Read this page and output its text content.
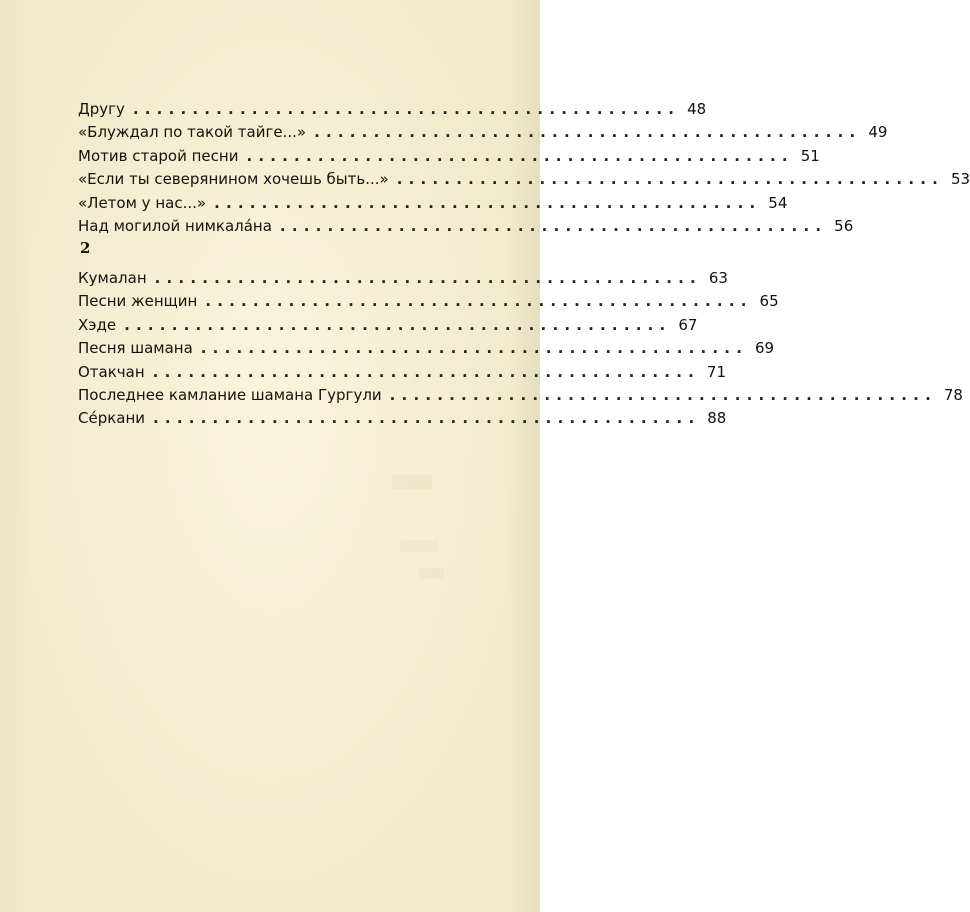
Другу .............................................. 48
«Блуждал по такой тайге...» .............................................. 49
Мотив старой песни .............................................. 51
«Если ты северянином хочешь быть...» .............................................. 53
«Летом у нас...» .............................................. 54
Над могилой нимкала́на .............................................. 56
2
Кумалан .............................................. 63
Песни женщин .............................................. 65
Хэде .............................................. 67
Песня шамана .............................................. 69
Отакчан .............................................. 71
Последнее камлание шамана Гургули .............................................. 78
Се́ркани .............................................. 88
